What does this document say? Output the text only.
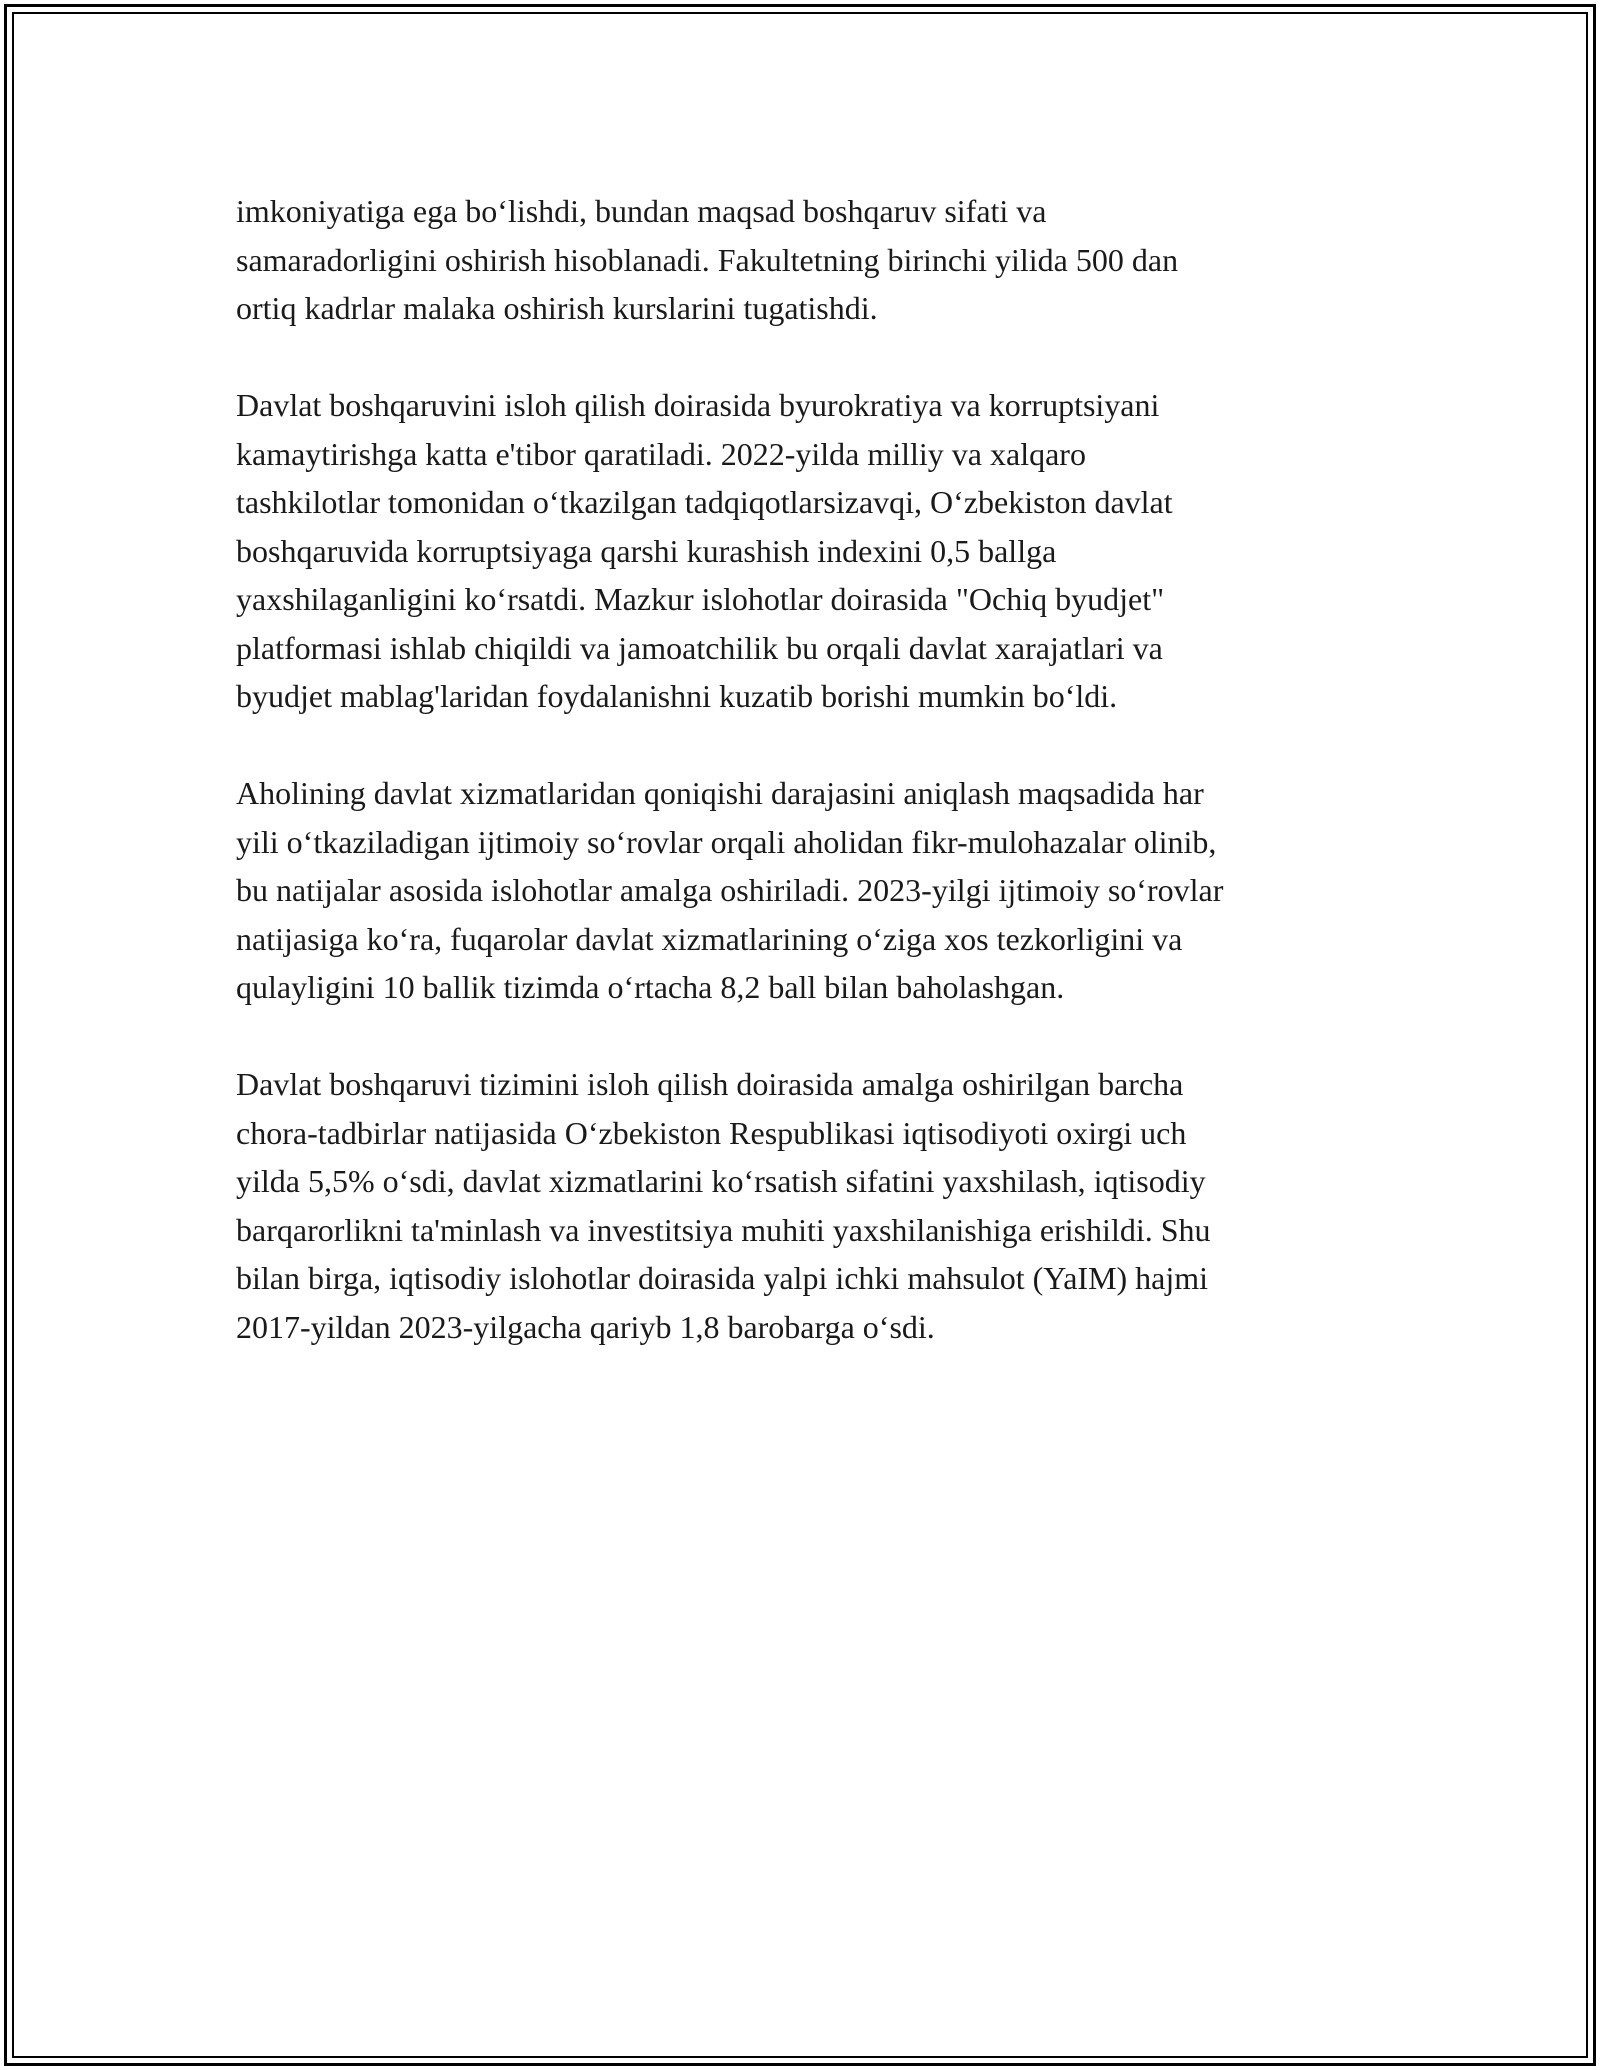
imkoniyatiga ega bo‘lishdi, bundan maqsad boshqaruv sifati va
samaradorligini oshirish hisoblanadi. Fakultetning birinchi yilida 500 dan
ortiq kadrlar malaka oshirish kurslarini tugatishdi.

Davlat boshqaruvini isloh qilish doirasida byurokratiya va korruptsiyani
kamaytirishga katta e'tibor qaratiladi. 2022-yilda milliy va xalqaro
tashkilotlar tomonidan o‘tkazilgan tadqiqotlarsizavqi, O‘zbekiston davlat
boshqaruvida korruptsiyaga qarshi kurashish indexini 0,5 ballga
yaxshilaganligini ko‘rsatdi. Mazkur islohotlar doirasida "Ochiq byudjet"
platformasi ishlab chiqildi va jamoatchilik bu orqali davlat xarajatlari va
byudjet mablag'laridan foydalanishni kuzatib borishi mumkin bo‘ldi.

Aholining davlat xizmatlaridan qoniqishi darajasini aniqlash maqsadida har
yili o‘tkaziladigan ijtimoiy so‘rovlar orqali aholidan fikr-mulohazalar olinib,
bu natijalar asosida islohotlar amalga oshiriladi. 2023-yilgi ijtimoiy so‘rovlar
natijasiga ko‘ra, fuqarolar davlat xizmatlarining o‘ziga xos tezkorligini va
qulayligini 10 ballik tizimda o‘rtacha 8,2 ball bilan baholashgan.

Davlat boshqaruvi tizimini isloh qilish doirasida amalga oshirilgan barcha
chora-tadbirlar natijasida O‘zbekiston Respublikasi iqtisodiyoti oxirgi uch
yilda 5,5% o‘sdi, davlat xizmatlarini ko‘rsatish sifatini yaxshilash, iqtisodiy
barqarorlikni ta'minlash va investitsiya muhiti yaxshilanishiga erishildi. Shu
bilan birga, iqtisodiy islohotlar doirasida yalpi ichki mahsulot (YaIM) hajmi
2017-yildan 2023-yilgacha qariyb 1,8 barobarga o‘sdi.
